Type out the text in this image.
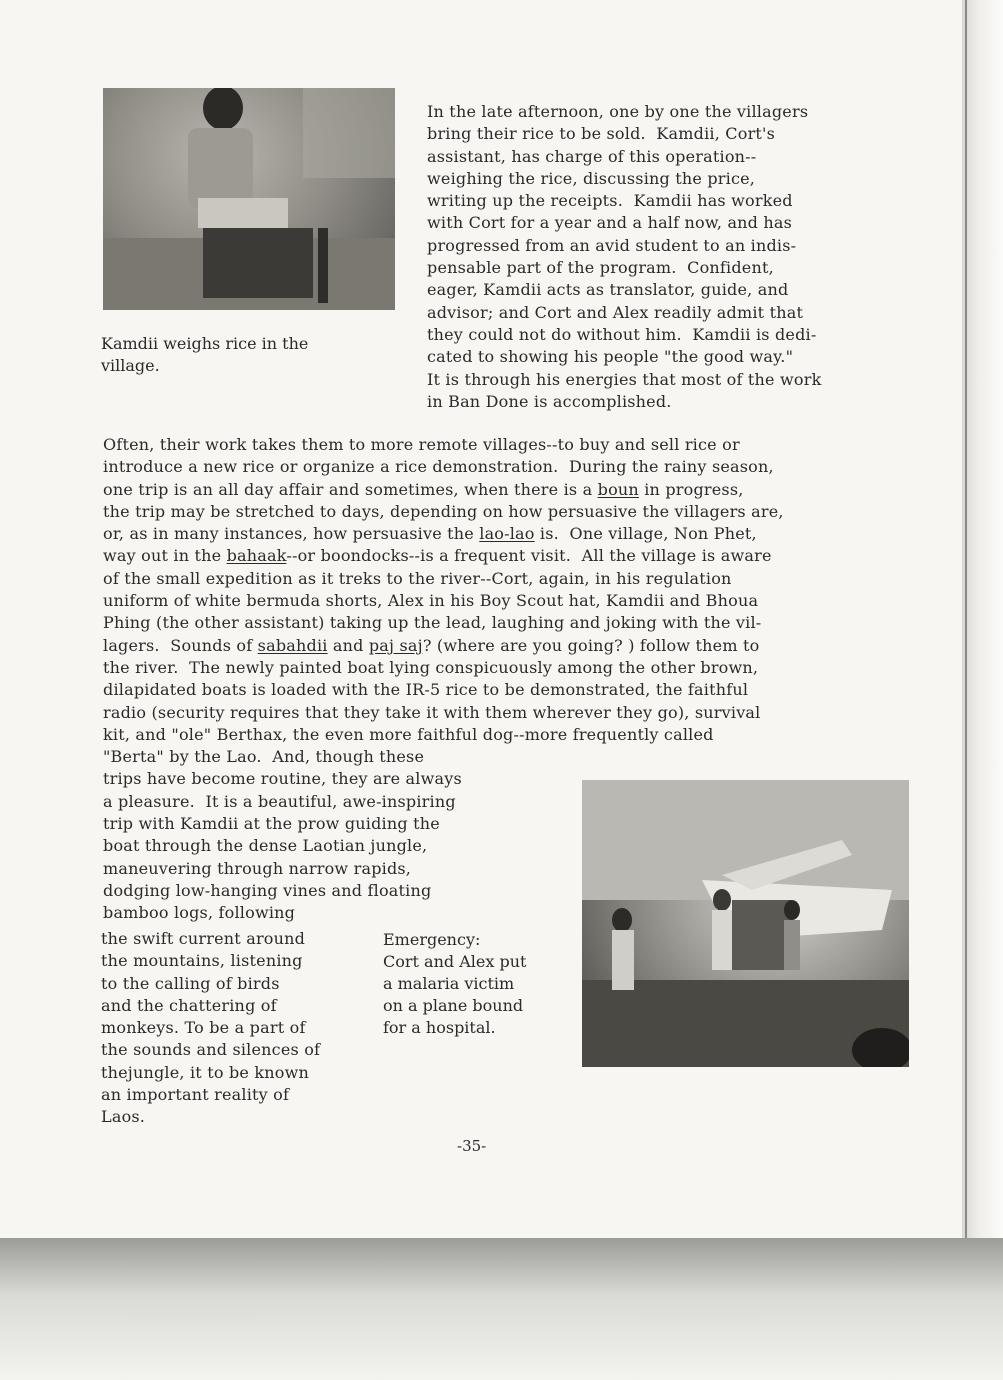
Kamdii weighs rice in the
village.
In the late afternoon, one by one the villagers
bring their rice to be sold.  Kamdii, Cort's
assistant, has charge of this operation--
weighing the rice, discussing the price,
writing up the receipts.  Kamdii has worked
with Cort for a year and a half now, and has
progressed from an avid student to an indis-
pensable part of the program.  Confident,
eager, Kamdii acts as translator, guide, and
advisor; and Cort and Alex readily admit that
they could not do without him.  Kamdii is dedi-
cated to showing his people "the good way."
It is through his energies that most of the work
in Ban Done is accomplished.
Often, their work takes them to more remote villages--to buy and sell rice or
introduce a new rice or organize a rice demonstration.  During the rainy season,
one trip is an all day affair and sometimes, when there is a boun in progress,
the trip may be stretched to days, depending on how persuasive the villagers are,
or, as in many instances, how persuasive the lao-lao is.  One village, Non Phet,
way out in the bahaak--or boondocks--is a frequent visit.  All the village is aware
of the small expedition as it treks to the river--Cort, again, in his regulation
uniform of white bermuda shorts, Alex in his Boy Scout hat, Kamdii and Bhoua
Phing (the other assistant) taking up the lead, laughing and joking with the vil-
lagers.  Sounds of sabahdii and paj saj? (where are you going? ) follow them to
the river.  The newly painted boat lying conspicuously among the other brown,
dilapidated boats is loaded with the IR-5 rice to be demonstrated, the faithful
radio (security requires that they take it with them wherever they go), survival
kit, and "ole" Berthax, the even more faithful dog--more frequently called
"Berta" by the Lao.  And, though these
trips have become routine, they are always
a pleasure.  It is a beautiful, awe-inspiring
trip with Kamdii at the prow guiding the
boat through the dense Laotian jungle,
maneuvering through narrow rapids,
dodging low-hanging vines and floating
bamboo logs, following
the swift current around
the mountains, listening
to the calling of birds
and the chattering of
monkeys. To be a part of
the sounds and silences of
thejungle, it to be known
an important reality of
Laos.
Emergency:
Cort and Alex put
a malaria victim
on a plane bound
for a hospital.
-35-
